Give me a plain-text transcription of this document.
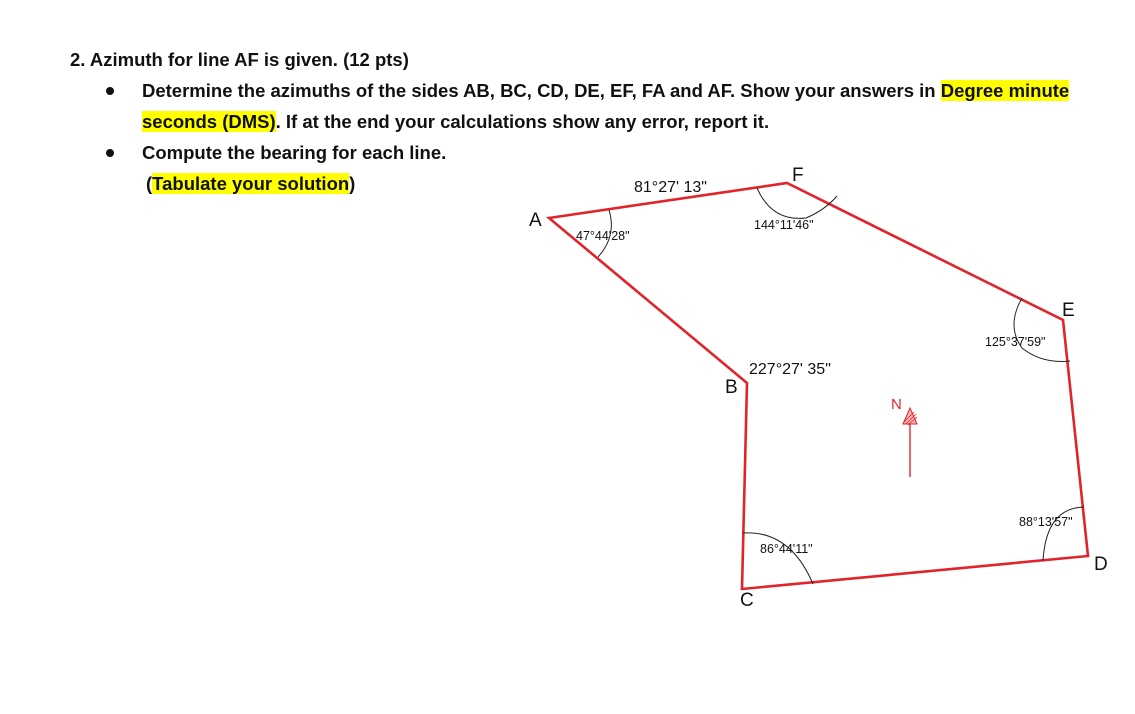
2. Azimuth for line AF is given. (12 pts)
Determine the azimuths of the sides AB, BC, CD, DE, EF, FA and AF. Show your answers in Degree minute seconds (DMS). If at the end your calculations show any error, report it.
Compute the bearing for each line.
(Tabulate your solution)
A
F
E
D
C
B
81°27' 13"
47°44'28"
144°11'46"
125°37'59"
227°27' 35"
86°44'11"
88°13'57"
N
